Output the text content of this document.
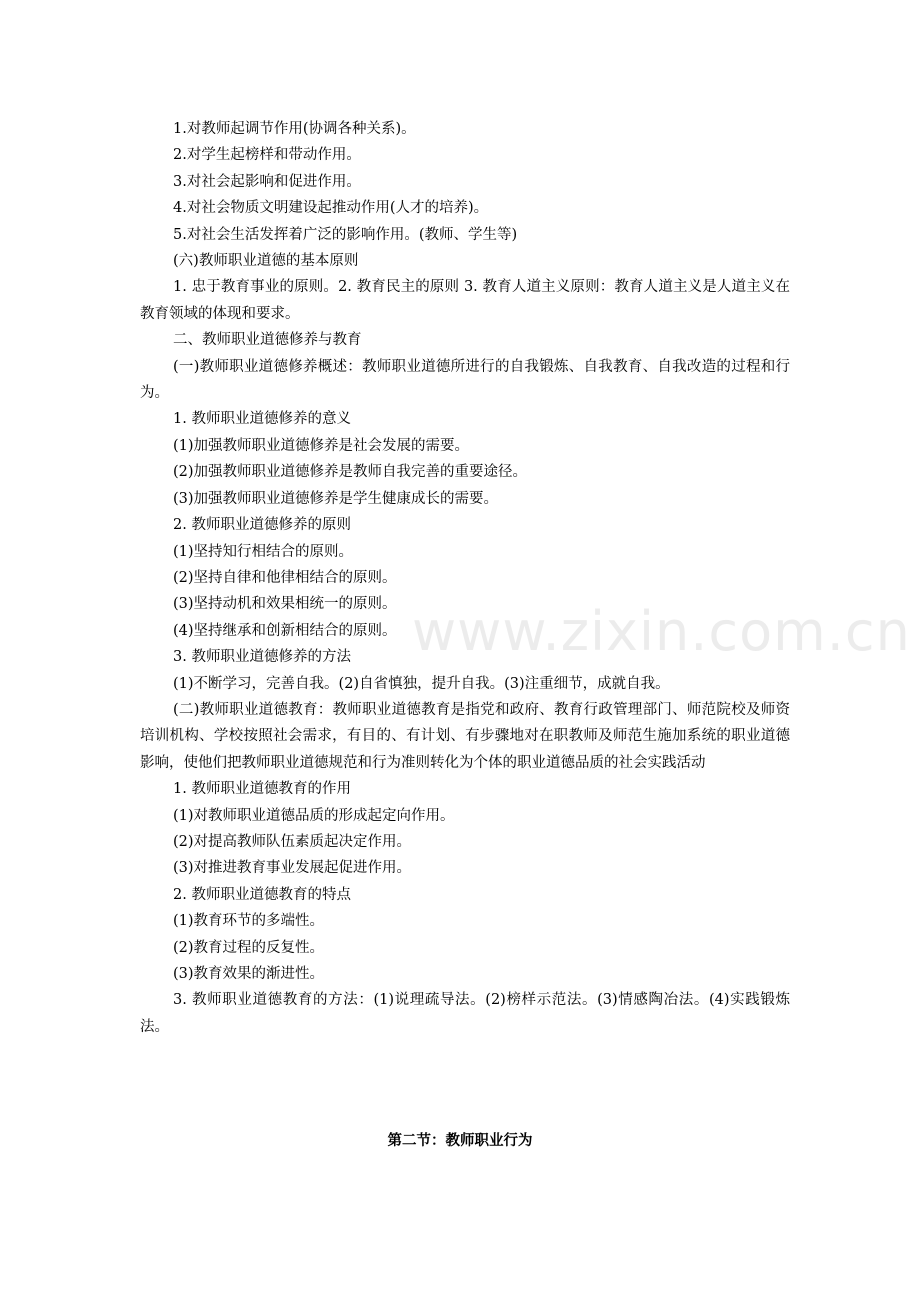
1.对教师起调节作用(协调各种关系)。

2.对学生起榜样和带动作用。

3.对社会起影响和促进作用。

4.对社会物质文明建设起推动作用(人才的培养)。

5.对社会生活发挥着广泛的影响作用。(教师、学生等)

(六)教师职业道德的基本原则

1. 忠于教育事业的原则。2. 教育民主的原则 3. 教育人道主义原则：教育人道主义是人道主义在教育领域的体现和要求。

二、教师职业道德修养与教育

(一)教师职业道德修养概述：教师职业道德所进行的自我锻炼、自我教育、自我改造的过程和行为。

1. 教师职业道德修养的意义

(1)加强教师职业道德修养是社会发展的需要。

(2)加强教师职业道德修养是教师自我完善的重要途径。

(3)加强教师职业道德修养是学生健康成长的需要。

2. 教师职业道德修养的原则

(1)坚持知行相结合的原则。

(2)坚持自律和他律相结合的原则。

(3)坚持动机和效果相统一的原则。

(4)坚持继承和创新相结合的原则。

3. 教师职业道德修养的方法

(1)不断学习，完善自我。(2)自省慎独，提升自我。(3)注重细节，成就自我。

(二)教师职业道德教育：教师职业道德教育是指党和政府、教育行政管理部门、师范院校及师资培训机构、学校按照社会需求，有目的、有计划、有步骤地对在职教师及师范生施加系统的职业道德影响，使他们把教师职业道德规范和行为准则转化为个体的职业道德品质的社会实践活动

1. 教师职业道德教育的作用

(1)对教师职业道德品质的形成起定向作用。

(2)对提高教师队伍素质起决定作用。

(3)对推进教育事业发展起促进作用。

2. 教师职业道德教育的特点

(1)教育环节的多端性。

(2)教育过程的反复性。

(3)教育效果的渐进性。

3. 教师职业道德教育的方法：(1)说理疏导法。(2)榜样示范法。(3)情感陶冶法。(4)实践锻炼法。

www.zixin.com.cn
第二节：教师职业行为
